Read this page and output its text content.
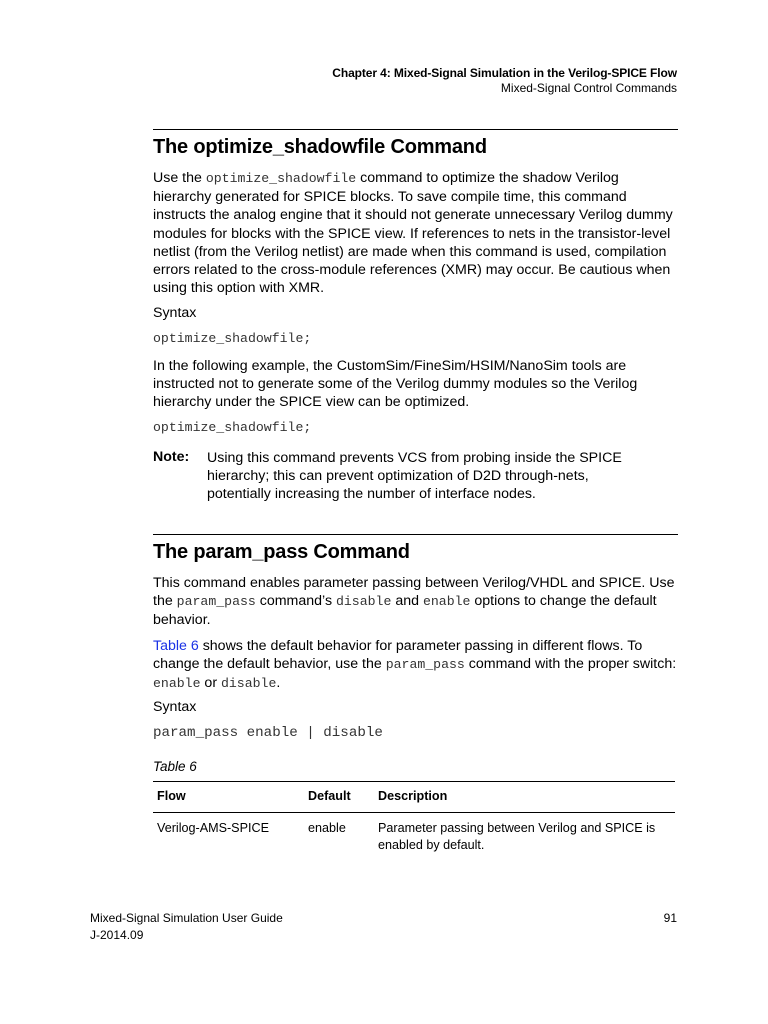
Chapter 4: Mixed-Signal Simulation in the Verilog-SPICE Flow
Mixed-Signal Control Commands
The optimize_shadowfile Command

Use the optimize_shadowfile command to optimize the shadow Verilog hierarchy generated for SPICE blocks. To save compile time, this command instructs the analog engine that it should not generate unnecessary Verilog dummy modules for blocks with the SPICE view. If references to nets in the transistor-level netlist (from the Verilog netlist) are made when this command is used, compilation errors related to the cross-module references (XMR) may occur. Be cautious when using this option with XMR.

Syntax

optimize_shadowfile;

In the following example, the CustomSim/FineSim/HSIM/NanoSim tools are instructed not to generate some of the Verilog dummy modules so the Verilog hierarchy under the SPICE view can be optimized.

optimize_shadowfile;
Note: Using this command prevents VCS from probing inside the SPICE hierarchy; this can prevent optimization of D2D through-nets, potentially increasing the number of interface nodes.

The param_pass Command

This command enables parameter passing between Verilog/VHDL and SPICE. Use the param_pass command’s disable and enable options to change the default behavior.

Table 6 shows the default behavior for parameter passing in different flows. To change the default behavior, use the param_pass command with the proper switch: enable or disable.

Syntax

param_pass enable | disable
Table 6
Flow	Default	Description
Verilog-AMS-SPICE	enable	Parameter passing between Verilog and SPICE is enabled by default.
Mixed-Signal Simulation User Guide
J-2014.09
91
